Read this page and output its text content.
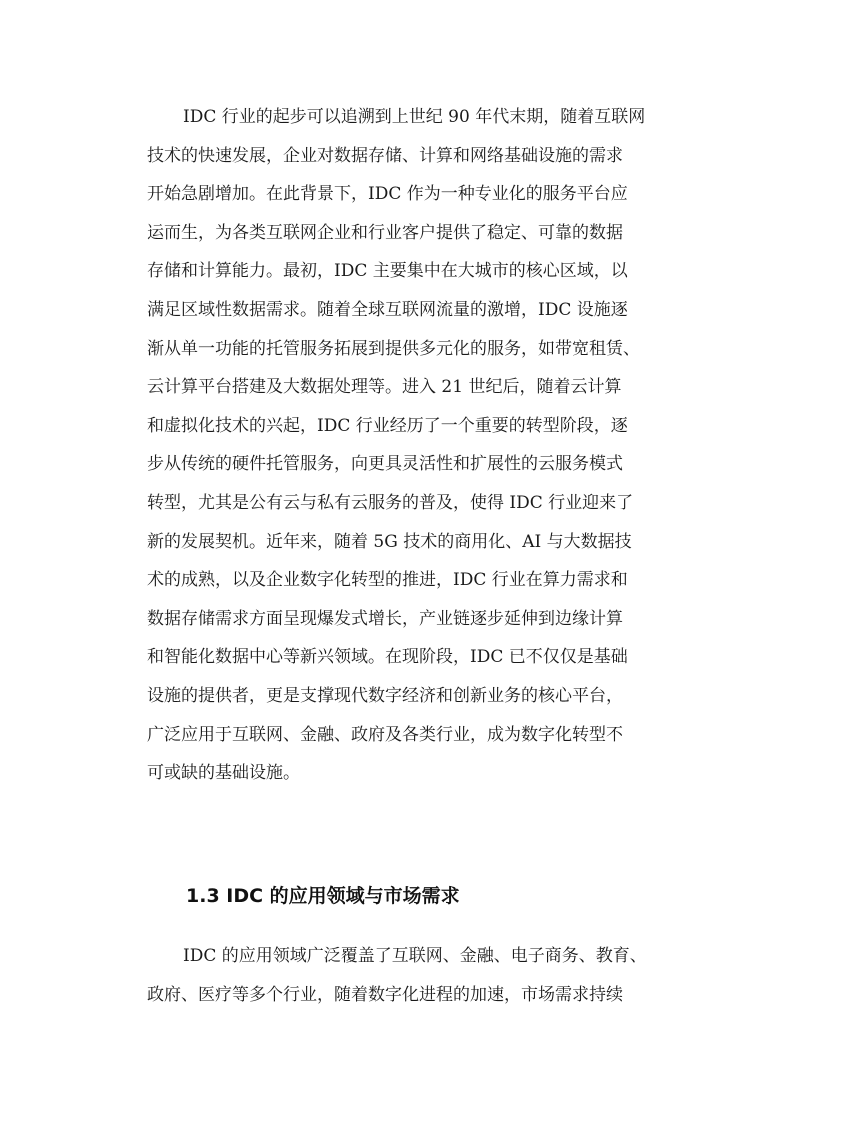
IDC 行业的起步可以追溯到上世纪 90 年代末期，随着互联网
技术的快速发展，企业对数据存储、计算和网络基础设施的需求
开始急剧增加。在此背景下，IDC 作为一种专业化的服务平台应
运而生，为各类互联网企业和行业客户提供了稳定、可靠的数据
存储和计算能力。最初，IDC 主要集中在大城市的核心区域，以
满足区域性数据需求。随着全球互联网流量的激增，IDC 设施逐
渐从单一功能的托管服务拓展到提供多元化的服务，如带宽租赁、
云计算平台搭建及大数据处理等。进入 21 世纪后，随着云计算
和虚拟化技术的兴起，IDC 行业经历了一个重要的转型阶段，逐
步从传统的硬件托管服务，向更具灵活性和扩展性的云服务模式
转型，尤其是公有云与私有云服务的普及，使得 IDC 行业迎来了
新的发展契机。近年来，随着 5G 技术的商用化、AI 与大数据技
术的成熟，以及企业数字化转型的推进，IDC 行业在算力需求和
数据存储需求方面呈现爆发式增长，产业链逐步延伸到边缘计算
和智能化数据中心等新兴领域。在现阶段，IDC 已不仅仅是基础
设施的提供者，更是支撑现代数字经济和创新业务的核心平台，
广泛应用于互联网、金融、政府及各类行业，成为数字化转型不
可或缺的基础设施。
1.3 IDC 的应用领域与市场需求
IDC 的应用领域广泛覆盖了互联网、金融、电子商务、教育、
政府、医疗等多个行业，随着数字化进程的加速，市场需求持续
